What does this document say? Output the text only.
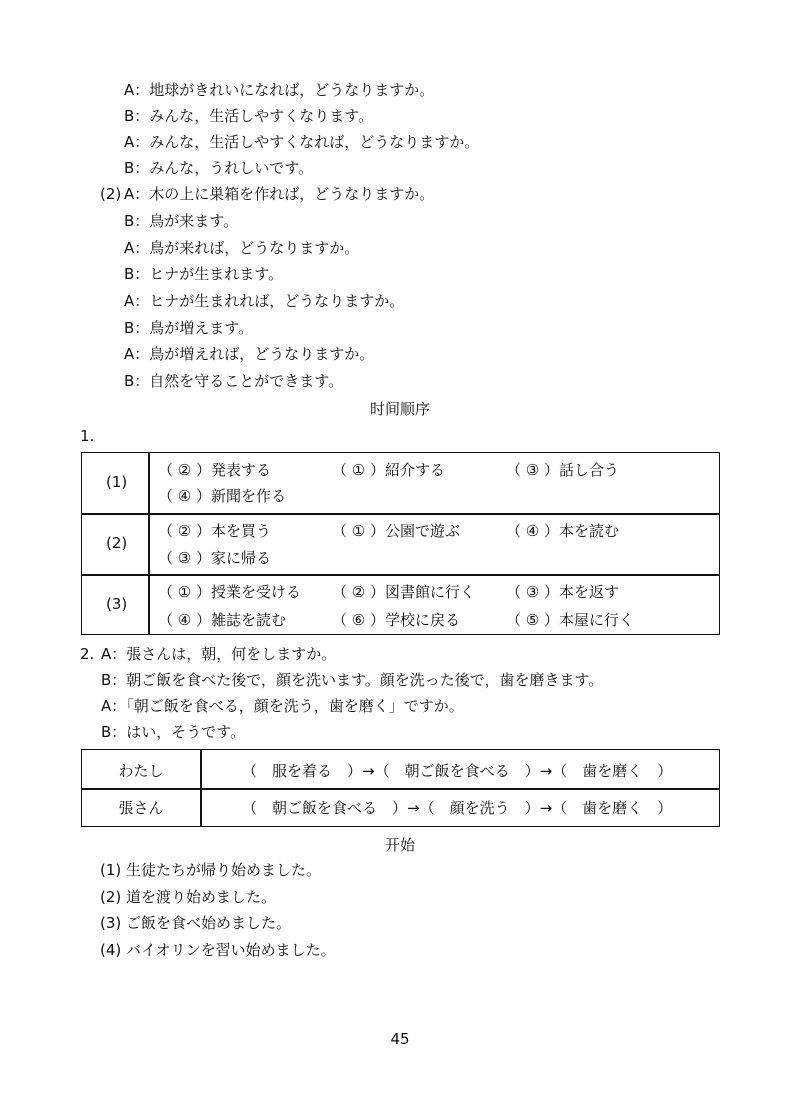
A：地球がきれいになれば，どうなりますか。
B：みんな，生活しやすくなります。
A：みんな，生活しやすくなれば，どうなりますか。
B：みんな，うれしいです。
(2) A：木の上に巣箱を作れば，どうなりますか。
B：鳥が来ます。
A：鳥が来れば，どうなりますか。
B：ヒナが生まれます。
A：ヒナが生まれれば，どうなりますか。
B：鳥が増えます。
A：鳥が増えれば，どうなりますか。
B：自然を守ることができます。
时间顺序
1.
(1)
（ ② ）発表する	（ ① ）紹介する	（ ③ ）話し合う
（ ④ ）新聞を作る
(2)
（ ② ）本を買う	（ ① ）公園で遊ぶ	（ ④ ）本を読む
（ ③ ）家に帰る
(3)
（ ① ）授業を受ける （ ② ）図書館に行く （ ③ ）本を返す
（ ④ ）雑誌を読む	（ ⑥ ）学校に戻る	（ ⑤ ）本屋に行く
2. A：張さんは，朝，何をしますか。
B：朝ご飯を食べた後で，顔を洗います。顔を洗った後で，歯を磨きます。
A：「朝ご飯を食べる，顔を洗う，歯を磨く」ですか。
B：はい，そうです。
わたし	（　服を着る　）→（　朝ご飯を食べる　）→（　歯を磨く　）
張さん	（　朝ご飯を食べる　）→（　顔を洗う　）→（　歯を磨く　）
开始
(1) 生徒たちが帰り始めました。
(2) 道を渡り始めました。
(3) ご飯を食べ始めました。
(4) バイオリンを習い始めました。
45
